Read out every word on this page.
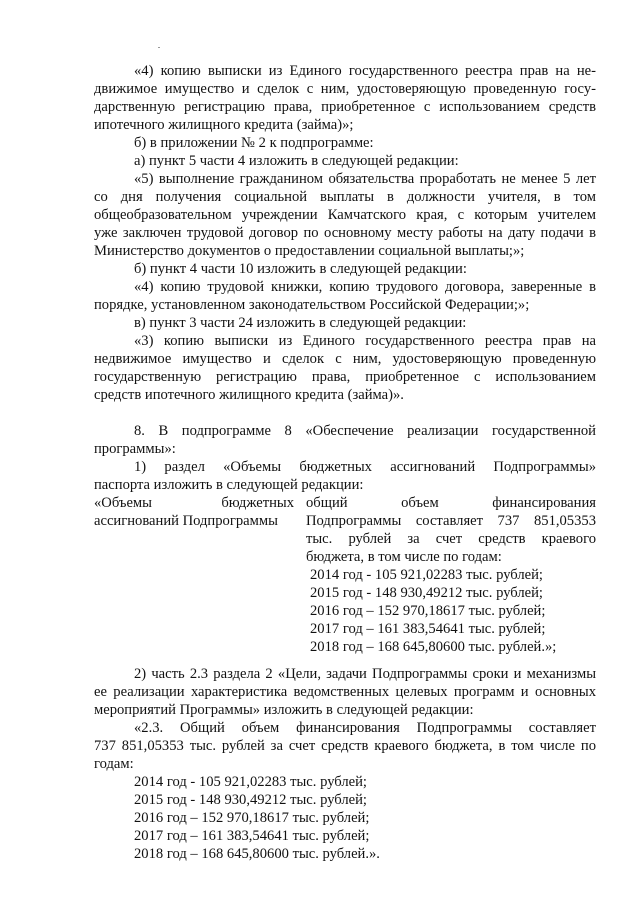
«4) копию выписки из Единого государственного реестра прав на не-
движимое имущество и сделок с ним, удостоверяющую проведенную госу-
дарственную регистрацию права, приобретенное с использованием средств
ипотечного жилищного кредита (займа)»;
б) в приложении № 2 к подпрограмме:
а) пункт 5 части 4 изложить в следующей редакции:
«5) выполнение гражданином обязательства проработать не менее 5 лет
со дня получения социальной выплаты в должности учителя, в том
общеобразовательном учреждении Камчатского края, с которым учителем
уже заключен трудовой договор по основному месту работы на дату подачи в
Министерство документов о предоставлении социальной выплаты;»;
б) пункт 4 части 10 изложить в следующей редакции:
«4) копию трудовой книжки, копию трудового договора, заверенные в
порядке, установленном законодательством Российской Федерации;»;
в) пункт 3 части 24 изложить в следующей редакции:
«3) копию выписки из Единого государственного реестра прав на
недвижимое имущество и сделок с ним, удостоверяющую проведенную
государственную регистрацию права, приобретенное с использованием
средств ипотечного жилищного кредита (займа)».
8. В подпрограмме 8 «Обеспечение реализации государственной
программы»:
1) раздел «Объемы бюджетных ассигнований Подпрограммы»
паспорта изложить в следующей редакции:
«Объемы бюджетных
ассигнований Подпрограммы
общий объем финансирования
Подпрограммы составляет 737 851,05353
тыс. рублей за счет средств краевого
бюджета, в том числе по годам:
2014 год - 105 921,02283 тыс. рублей;
2015 год - 148 930,49212 тыс. рублей;
2016 год – 152 970,18617 тыс. рублей;
2017 год – 161 383,54641 тыс. рублей;
2018 год – 168 645,80600 тыс. рублей.»;
2) часть 2.3 раздела 2 «Цели, задачи Подпрограммы сроки и механизмы
ее реализации характеристика ведомственных целевых программ и основных
мероприятий Программы» изложить в следующей редакции:
«2.3. Общий объем финансирования Подпрограммы составляет
737 851,05353 тыс. рублей за счет средств краевого бюджета, в том числе по
годам:
2014 год - 105 921,02283 тыс. рублей;
2015 год - 148 930,49212 тыс. рублей;
2016 год – 152 970,18617 тыс. рублей;
2017 год – 161 383,54641 тыс. рублей;
2018 год – 168 645,80600 тыс. рублей.».
